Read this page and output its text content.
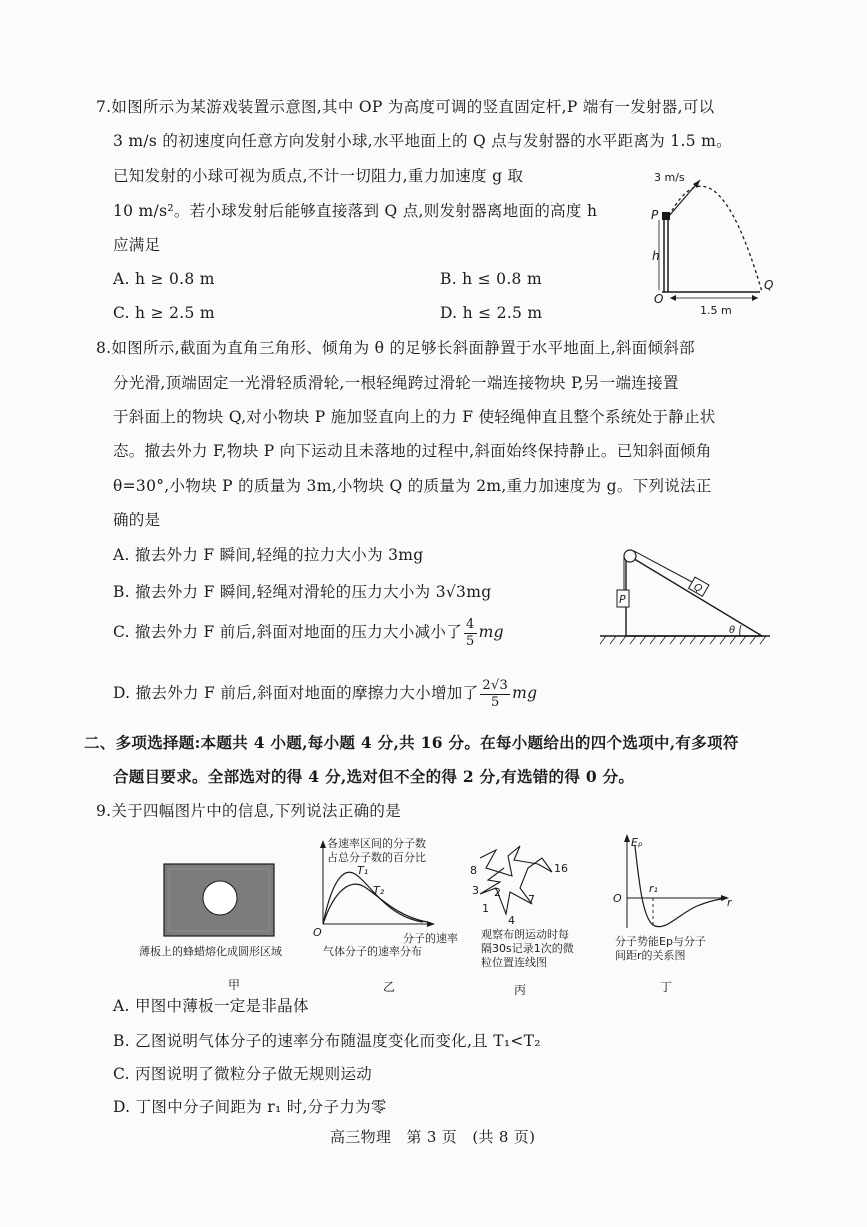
7.如图所示为某游戏装置示意图,其中 OP 为高度可调的竖直固定杆,P 端有一发射器,可以
3 m/s 的初速度向任意方向发射小球,水平地面上的 Q 点与发射器的水平距离为 1.5 m。
已知发射的小球可视为质点,不计一切阻力,重力加速度 g 取
10 m/s²。若小球发射后能够直接落到 Q 点,则发射器离地面的高度 h
应满足
A. h ≥ 0.8 m	B. h ≤ 0.8 m
C. h ≥ 2.5 m	D. h ≤ 2.5 m
3 m/s
P
h
O
Q
1.5 m
8.如图所示,截面为直角三角形、倾角为 θ 的足够长斜面静置于水平地面上,斜面倾斜部
分光滑,顶端固定一光滑轻质滑轮,一根轻绳跨过滑轮一端连接物块 P,另一端连接置
于斜面上的物块 Q,对小物块 P 施加竖直向上的力 F 使轻绳伸直且整个系统处于静止状
态。撤去外力 F,物块 P 向下运动且未落地的过程中,斜面始终保持静止。已知斜面倾角
θ=30°,小物块 P 的质量为 3m,小物块 Q 的质量为 2m,重力加速度为 g。下列说法正
确的是
A. 撤去外力 F 瞬间,轻绳的拉力大小为 3mg
B. 撤去外力 F 瞬间,轻绳对滑轮的压力大小为 3√3mg
C. 撤去外力 F 前后,斜面对地面的压力大小减小了 $\frac{4}{5}$ mg
D. 撤去外力 F 前后,斜面对地面的摩擦力大小增加了 $\frac{2√3}{5}$ mg
P
Q
θ
二、多项选择题:本题共 4 小题,每小题 4 分,共 16 分。在每小题给出的四个选项中,有多项符
合题目要求。全部选对的得 4 分,选对但不全的得 2 分,有选错的得 0 分。
9.关于四幅图片中的信息,下列说法正确的是
薄板上的蜂蜡熔化成圆形区域
甲
各速率区间的分子数
占总分子数的百分比
T₁
T₂
O	分子的速率
气体分子的速率分布
乙
8	16
3 2
7
1
4
观察布朗运动时每
隔30s记录1次的微
粒位置连线图
丙
Eₚ
O	r
r₁
分子势能Ep与分子
间距r的关系图
丁
A. 甲图中薄板一定是非晶体
B. 乙图说明气体分子的速率分布随温度变化而变化,且 T₁<T₂
C. 丙图说明了微粒分子做无规则运动
D. 丁图中分子间距为 r₁ 时,分子力为零
高三物理　第 3 页　(共 8 页)
